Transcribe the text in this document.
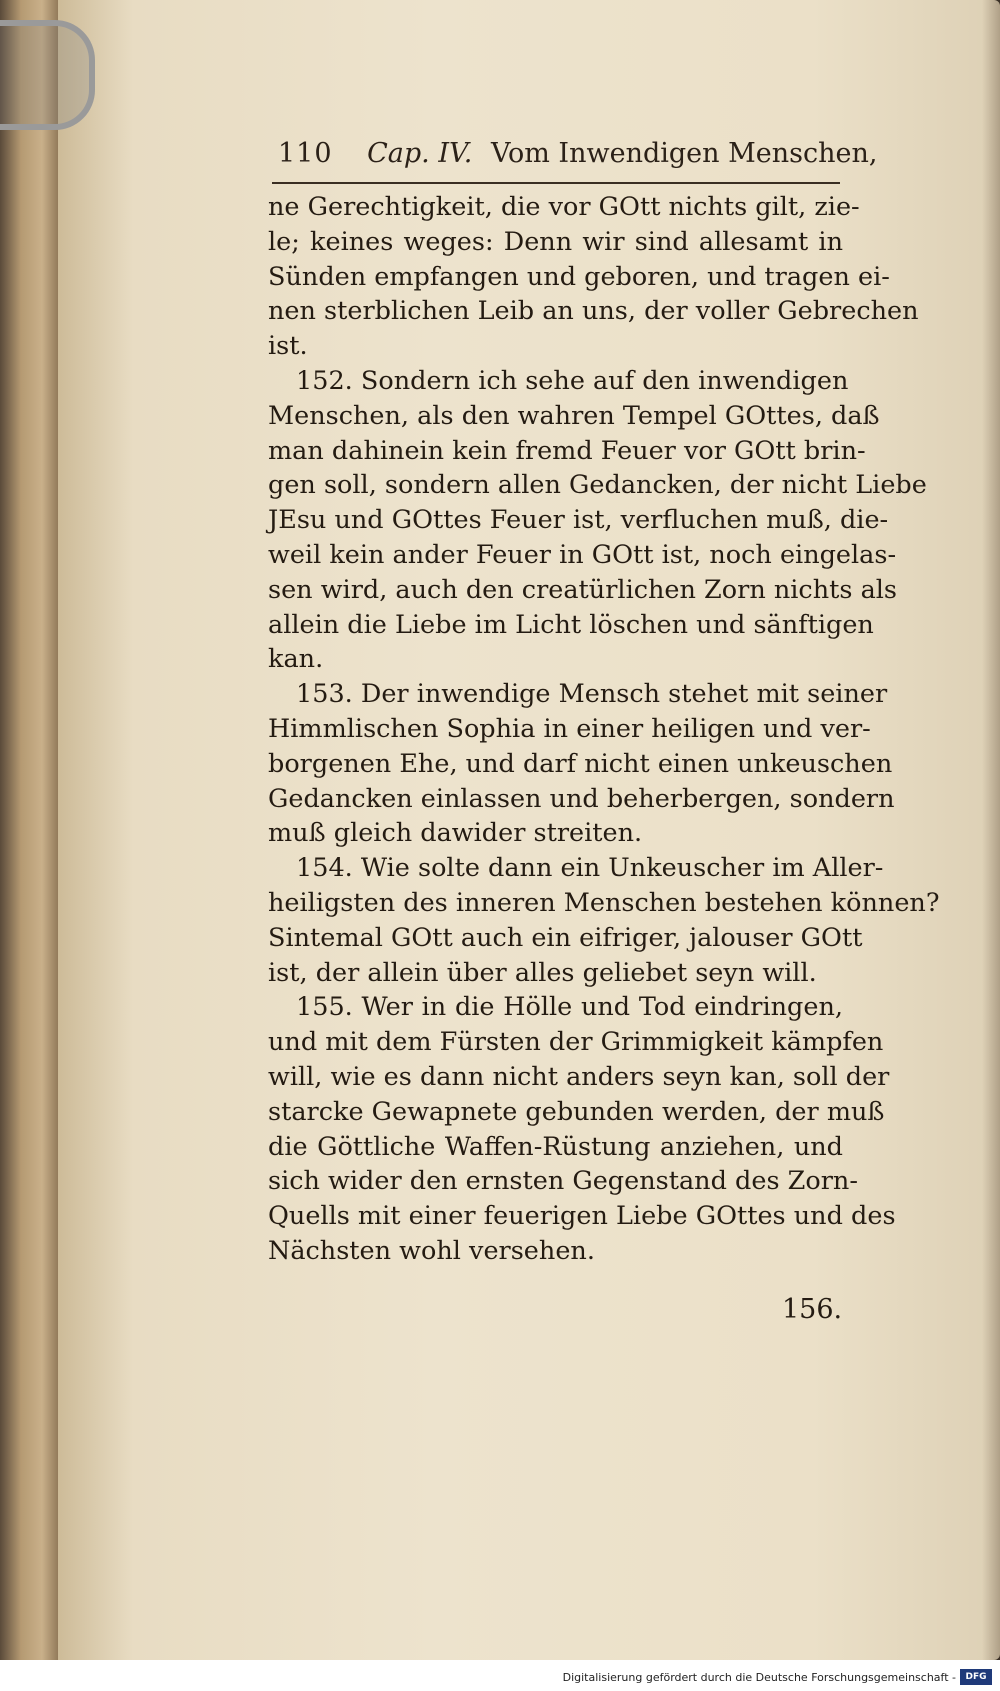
110 Cap. IV. Vom Inwendigen Menschen,
ne Gerechtigkeit, die vor GOtt nichts gilt, zie-
le; keines weges: Denn wir sind allesamt in
Sünden empfangen und geboren, und tragen ei-
nen sterblichen Leib an uns, der voller Gebrechen
ist.
152. Sondern ich sehe auf den inwendigen
Menschen, als den wahren Tempel GOttes, daß
man dahinein kein fremd Feuer vor GOtt brin-
gen soll, sondern allen Gedancken, der nicht Liebe
JEsu und GOttes Feuer ist, verfluchen muß, die-
weil kein ander Feuer in GOtt ist, noch eingelas-
sen wird, auch den creatürlichen Zorn nichts als
allein die Liebe im Licht löschen und sänftigen
kan.
153. Der inwendige Mensch stehet mit seiner
Himmlischen Sophia in einer heiligen und ver-
borgenen Ehe, und darf nicht einen unkeuschen
Gedancken einlassen und beherbergen, sondern
muß gleich dawider streiten.
154. Wie solte dann ein Unkeuscher im Aller-
heiligsten des inneren Menschen bestehen können?
Sintemal GOtt auch ein eifriger, jalouser GOtt
ist, der allein über alles geliebet seyn will.
155. Wer in die Hölle und Tod eindringen,
und mit dem Fürsten der Grimmigkeit kämpfen
will, wie es dann nicht anders seyn kan, soll der
starcke Gewapnete gebunden werden, der muß
die Göttliche Waffen-Rüstung anziehen, und
sich wider den ernsten Gegenstand des Zorn-
Quells mit einer feuerigen Liebe GOttes und des
Nächsten wohl versehen.
156.
Digitalisierung gefördert durch die Deutsche Forschungsgemeinschaft -	DFG
